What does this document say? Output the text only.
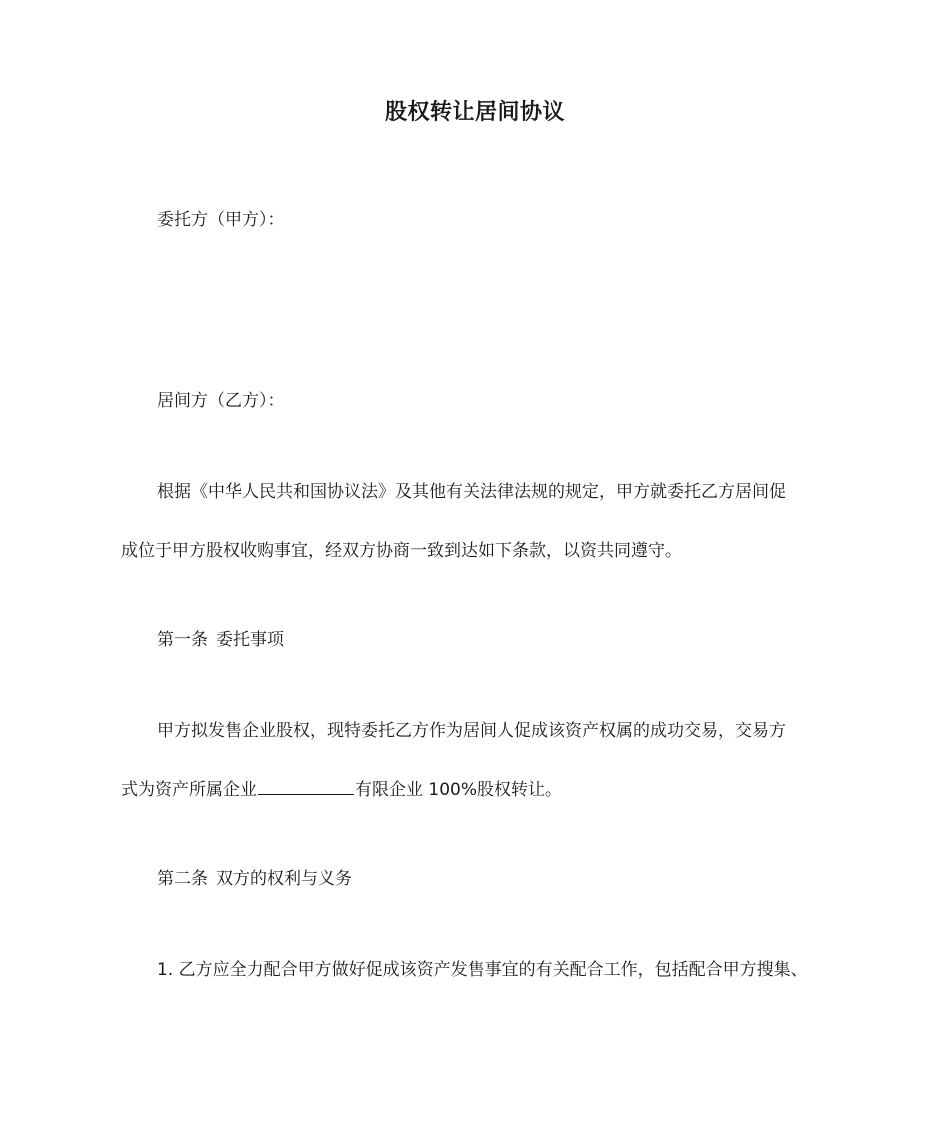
股权转让居间协议
委托方（甲方）：
居间方（乙方）：
根据《中华人民共和国协议法》及其他有关法律法规的规定，甲方就委托乙方居间促
成位于甲方股权收购事宜，经双方协商一致到达如下条款，以资共同遵守。
第一条 委托事项
甲方拟发售企业股权，现特委托乙方作为居间人促成该资产权属的成功交易，交易方
式为资产所属企业	有限企业 100%股权转让。
第二条 双方的权利与义务
1. 乙方应全力配合甲方做好促成该资产发售事宜的有关配合工作，包括配合甲方搜集、
